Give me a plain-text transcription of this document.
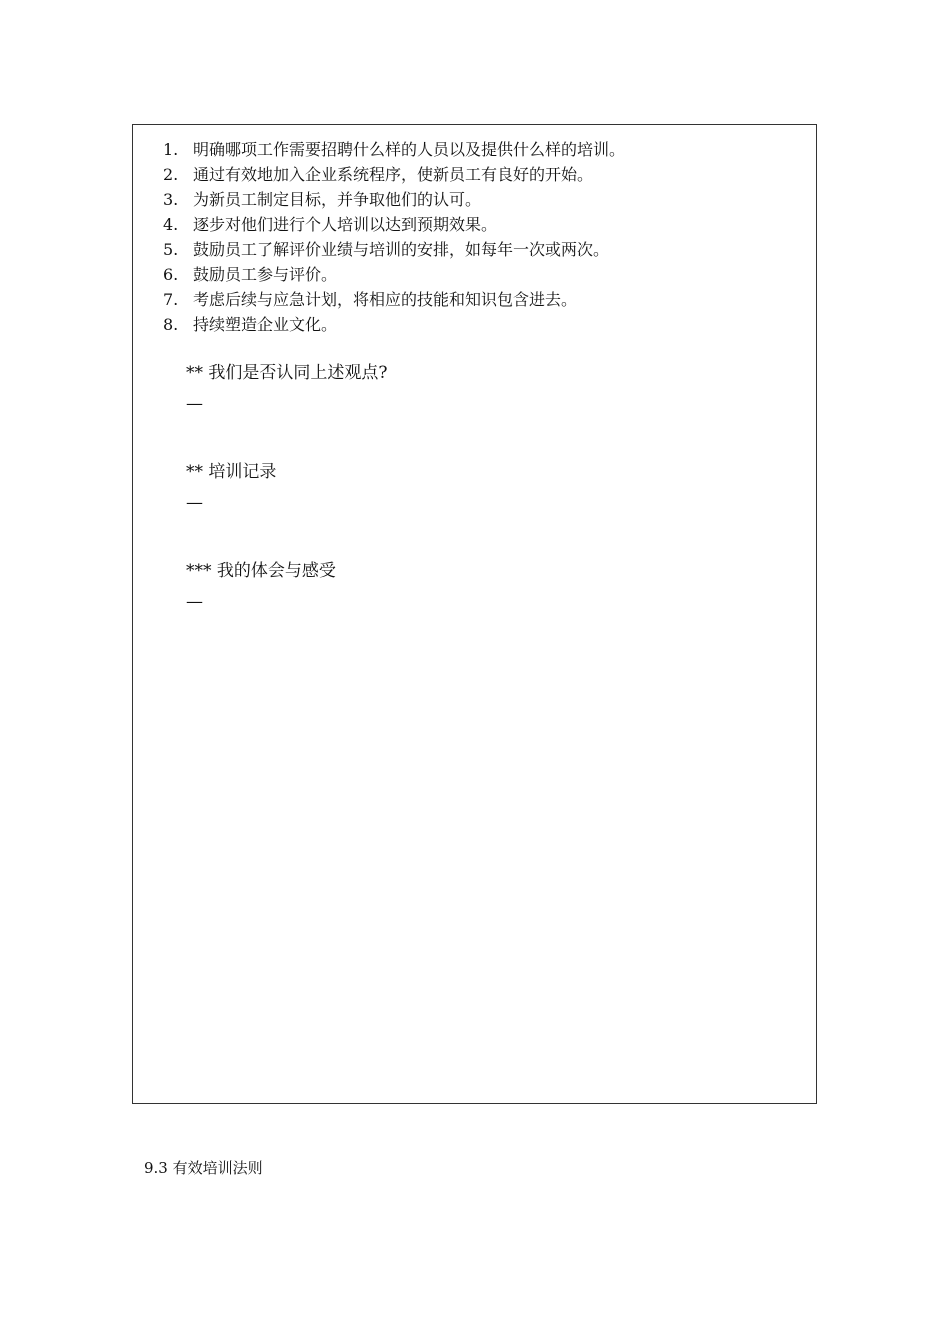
1. 明确哪项工作需要招聘什么样的人员以及提供什么样的培训。
2. 通过有效地加入企业系统程序，使新员工有良好的开始。
3. 为新员工制定目标，并争取他们的认可。
4. 逐步对他们进行个人培训以达到预期效果。
5. 鼓励员工了解评价业绩与培训的安排，如每年一次或两次。
6. 鼓励员工参与评价。
7. 考虑后续与应急计划，将相应的技能和知识包含进去。
8. 持续塑造企业文化。
** 我们是否认同上述观点?
—
** 培训记录
—
*** 我的体会与感受
—
9.3 有效培训法则
